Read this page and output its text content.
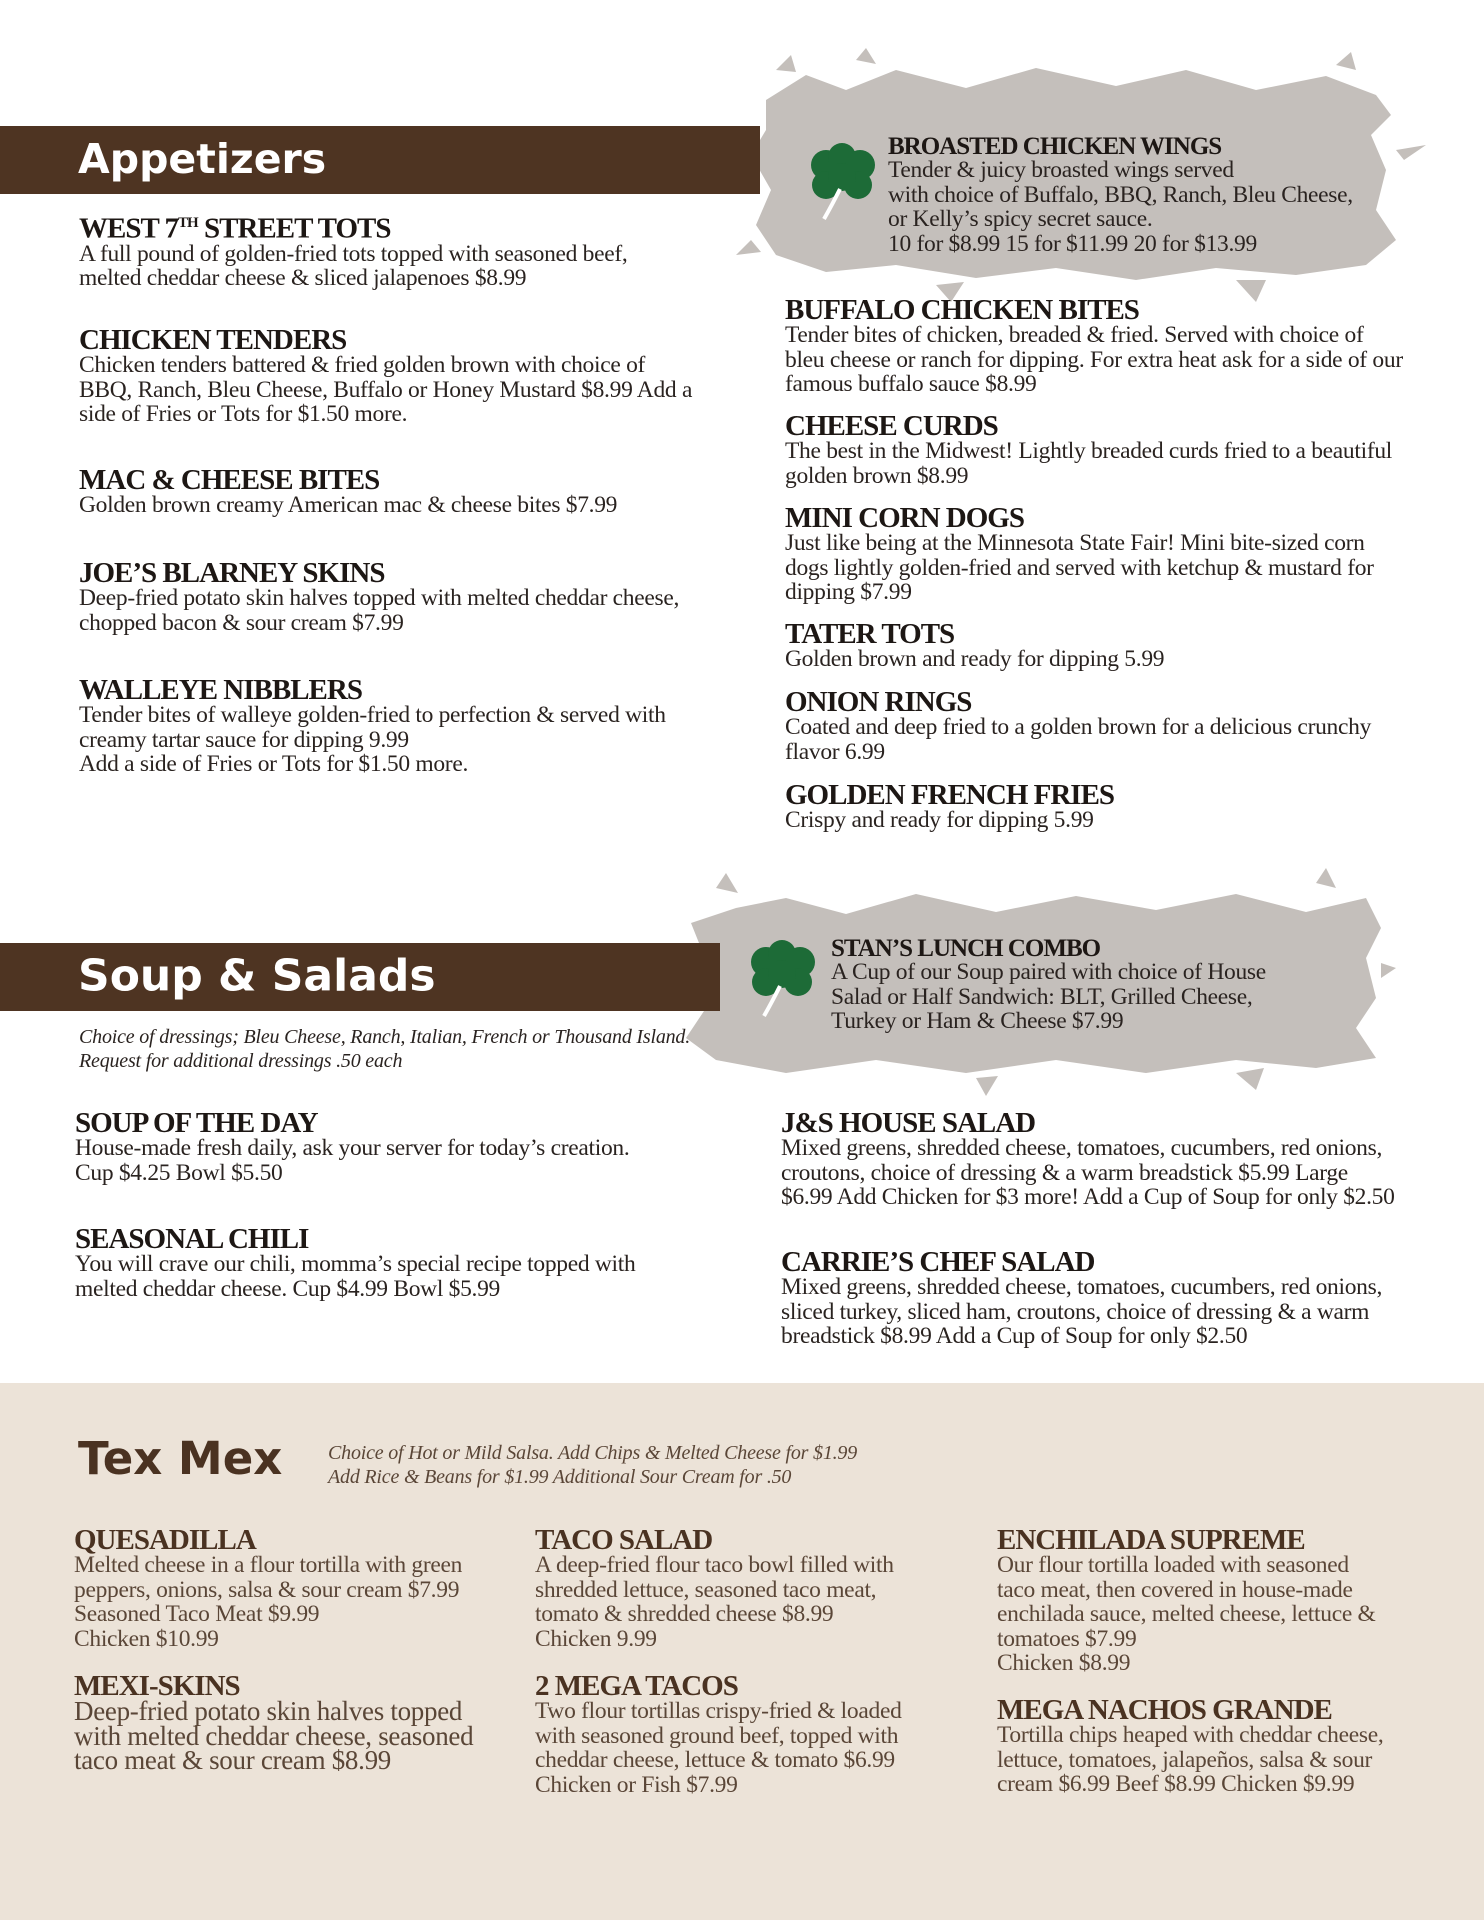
Appetizers	BROASTED CHICKEN WINGS
Tender & juicy broasted wings served
with choice of Buffalo, BBQ, Ranch, Bleu Cheese,
or Kelly’s spicy secret sauce.
10 for $8.99 15 for $11.99 20 for $13.99
WEST 7TH STREET TOTS
A full pound of golden-fried tots topped with seasoned beef,
melted cheddar cheese & sliced jalapenoes $8.99
CHICKEN TENDERS
Chicken tenders battered & fried golden brown with choice of
BBQ, Ranch, Bleu Cheese, Buffalo or Honey Mustard $8.99 Add a
side of Fries or Tots for $1.50 more.
MAC & CHEESE BITES
Golden brown creamy American mac & cheese bites $7.99
JOE’S BLARNEY SKINS
Deep-fried potato skin halves topped with melted cheddar cheese,
chopped bacon & sour cream $7.99
WALLEYE NIBBLERS
Tender bites of walleye golden-fried to perfection & served with
creamy tartar sauce for dipping 9.99
Add a side of Fries or Tots for $1.50 more.
BUFFALO CHICKEN BITES
Tender bites of chicken, breaded & fried. Served with choice of
bleu cheese or ranch for dipping. For extra heat ask for a side of our
famous buffalo sauce $8.99
CHEESE CURDS
The best in the Midwest! Lightly breaded curds fried to a beautiful
golden brown $8.99
MINI CORN DOGS
Just like being at the Minnesota State Fair! Mini bite-sized corn
dogs lightly golden-fried and served with ketchup & mustard for
dipping $7.99
TATER TOTS
Golden brown and ready for dipping 5.99
ONION RINGS
Coated and deep fried to a golden brown for a delicious crunchy
flavor 6.99
GOLDEN FRENCH FRIES
Crispy and ready for dipping 5.99
Soup & Salads
STAN’S LUNCH COMBO
A Cup of our Soup paired with choice of House
Salad or Half Sandwich: BLT, Grilled Cheese,
Turkey or Ham & Cheese $7.99
Choice of dressings; Bleu Cheese, Ranch, Italian, French or Thousand Island.
Request for additional dressings .50 each
SOUP OF THE DAY
House-made fresh daily, ask your server for today’s creation.
Cup $4.25 Bowl $5.50
SEASONAL CHILI
You will crave our chili, momma’s special recipe topped with
melted cheddar cheese. Cup $4.99 Bowl $5.99
J&S HOUSE SALAD
Mixed greens, shredded cheese, tomatoes, cucumbers, red onions,
croutons, choice of dressing & a warm breadstick $5.99 Large
$6.99 Add Chicken for $3 more! Add a Cup of Soup for only $2.50
CARRIE’S CHEF SALAD
Mixed greens, shredded cheese, tomatoes, cucumbers, red onions,
sliced turkey, sliced ham, croutons, choice of dressing & a warm
breadstick $8.99 Add a Cup of Soup for only $2.50
Tex Mex Choice of Hot or Mild Salsa. Add Chips & Melted Cheese for $1.99
Add Rice & Beans for $1.99 Additional Sour Cream for .50
QUESADILLA
Melted cheese in a flour tortilla with green
peppers, onions, salsa & sour cream $7.99
Seasoned Taco Meat $9.99
Chicken $10.99
MEXI-SKINS
Deep-fried potato skin halves topped
with melted cheddar cheese, seasoned
taco meat & sour cream $8.99
TACO SALAD
A deep-fried flour taco bowl filled with
shredded lettuce, seasoned taco meat,
tomato & shredded cheese $8.99
Chicken 9.99
2 MEGA TACOS
Two flour tortillas crispy-fried & loaded
with seasoned ground beef, topped with
cheddar cheese, lettuce & tomato $6.99
Chicken or Fish $7.99
ENCHILADA SUPREME
Our flour tortilla loaded with seasoned
taco meat, then covered in house-made
enchilada sauce, melted cheese, lettuce &
tomatoes $7.99
Chicken $8.99
MEGA NACHOS GRANDE
Tortilla chips heaped with cheddar cheese,
lettuce, tomatoes, jalapeños, salsa & sour
cream $6.99 Beef $8.99 Chicken $9.99
